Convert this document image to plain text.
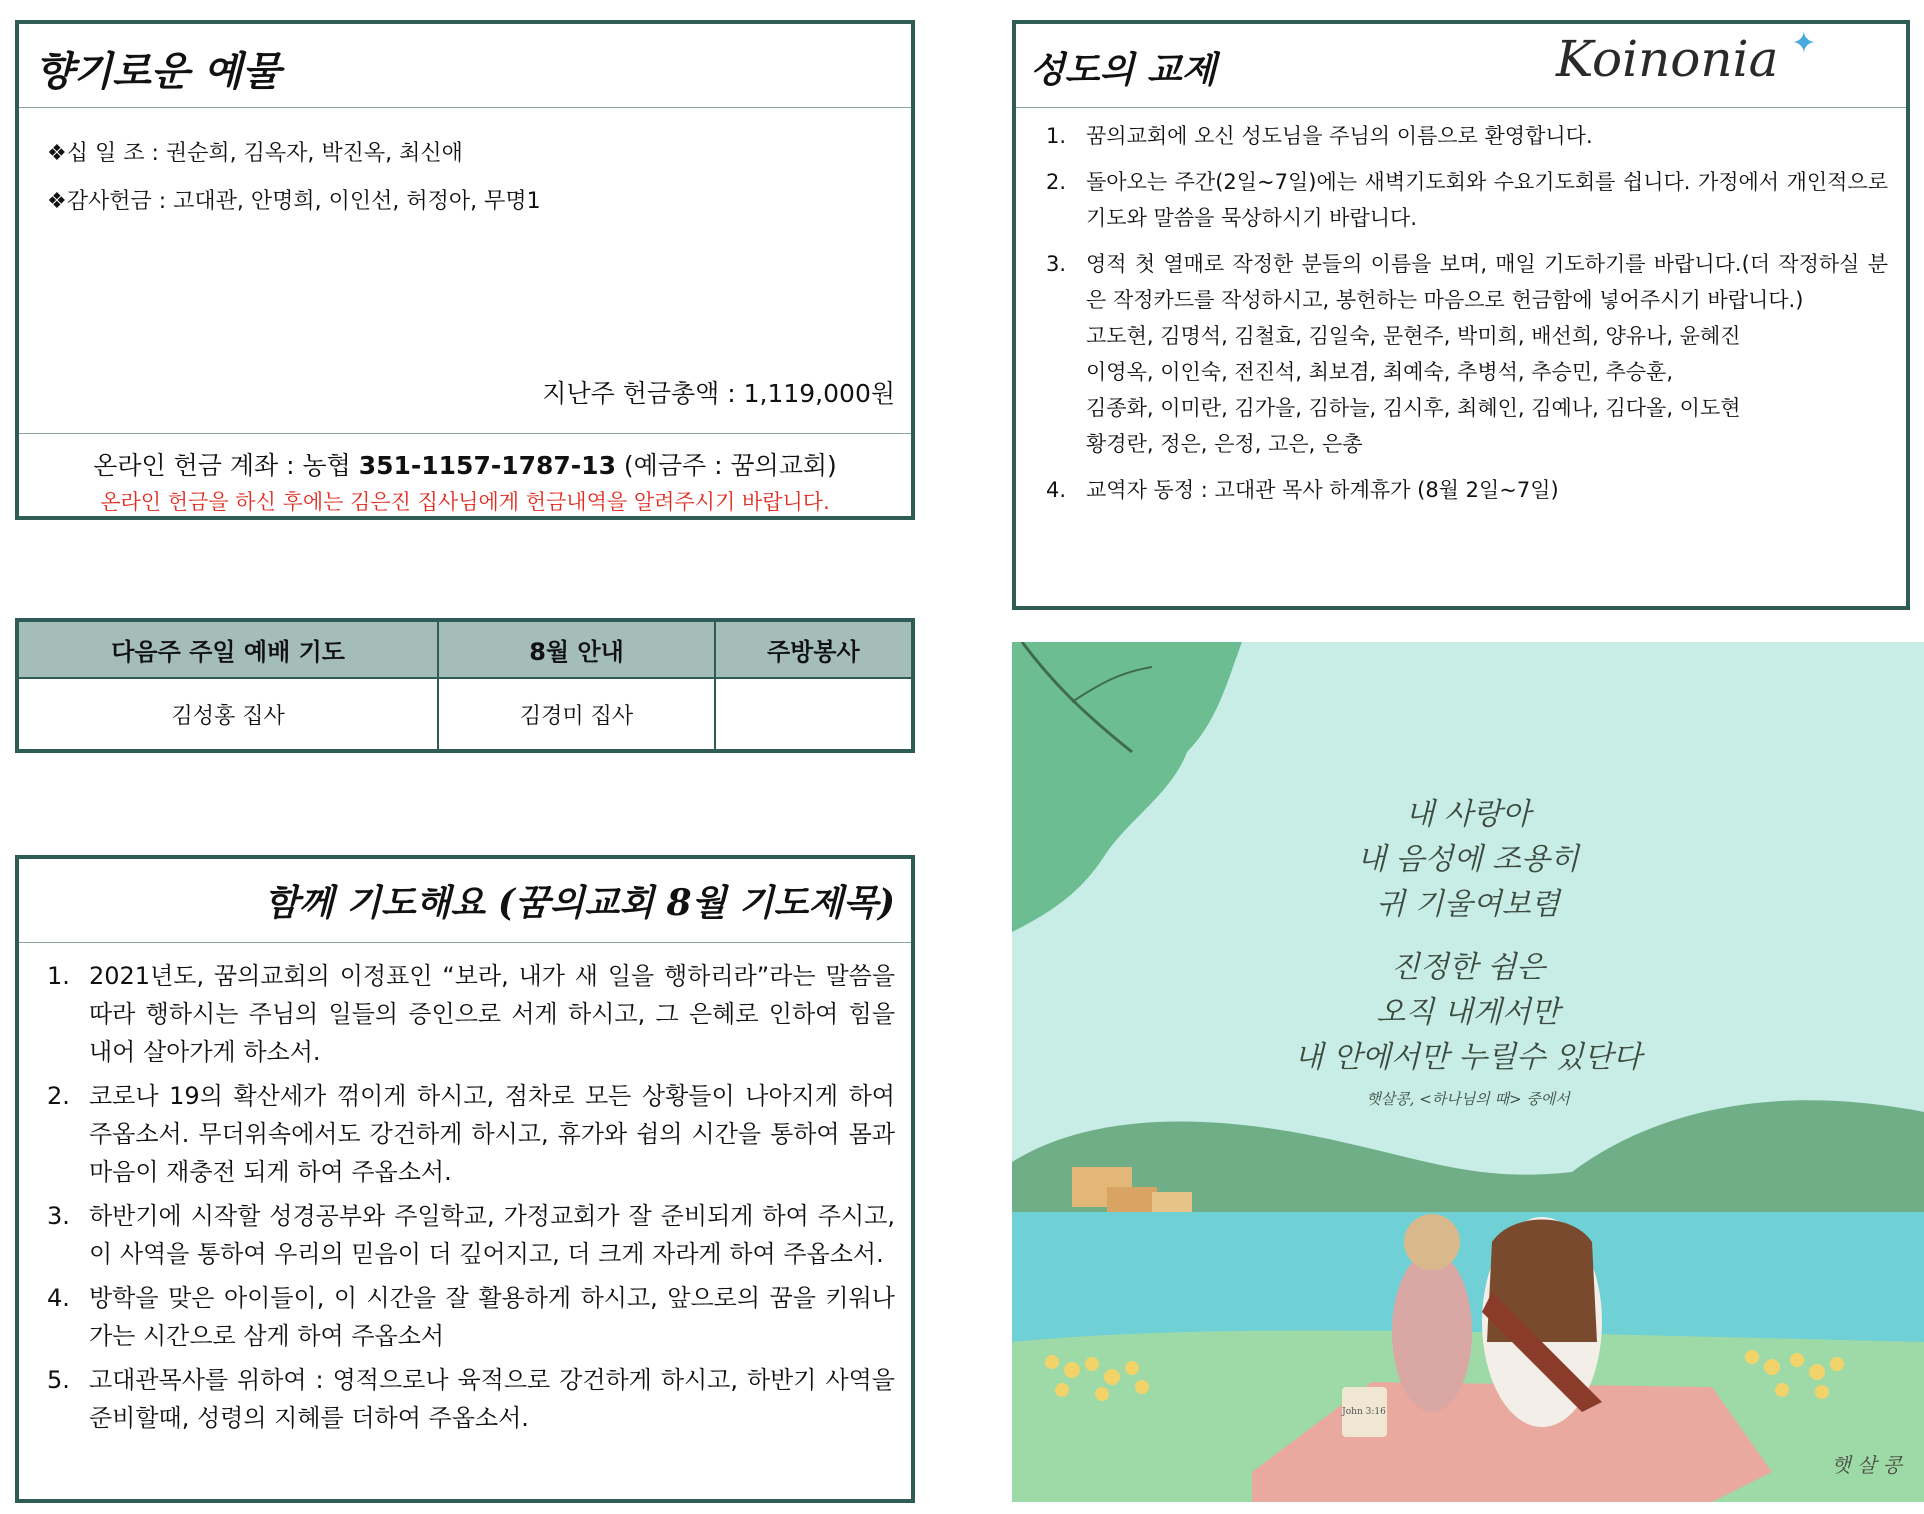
향기로운 예물
❖십 일 조 : 권순희, 김옥자, 박진옥, 최신애
❖감사헌금 : 고대관, 안명희, 이인선, 허정아, 무명1
지난주 헌금총액 : 1,119,000원
온라인 헌금 계좌 : 농협 351-1157-1787-13 (예금주 : 꿈의교회)
온라인 헌금을 하신 후에는 김은진 집사님에게 헌금내역을 알려주시기 바랍니다.
다음주 주일 예배 기도	8월 안내	주방봉사
김성홍 집사	김경미 집사	
함께 기도해요 (꿈의교회 8월 기도제목)
1. 2021년도, 꿈의교회의 이정표인 “보라, 내가 새 일을 행하리라”라는 말씀을 따라 행하시는 주님의 일들의 증인으로 서게 하시고, 그 은혜로 인하여 힘을 내어 살아가게 하소서.
2. 코로나 19의 확산세가 꺾이게 하시고, 점차로 모든 상황들이 나아지게 하여 주옵소서. 무더위속에서도 강건하게 하시고, 휴가와 쉼의 시간을 통하여 몸과 마음이 재충전 되게 하여 주옵소서.
3. 하반기에 시작할 성경공부와 주일학교, 가정교회가 잘 준비되게 하여 주시고, 이 사역을 통하여 우리의 믿음이 더 깊어지고, 더 크게 자라게 하여 주옵소서.
4. 방학을 맞은 아이들이, 이 시간을 잘 활용하게 하시고, 앞으로의 꿈을 키워나가는 시간으로 삼게 하여 주옵소서
5. 고대관목사를 위하여 : 영적으로나 육적으로 강건하게 하시고, 하반기 사역을 준비할때, 성령의 지혜를 더하여 주옵소서.
성도의 교제	Koinonia ✦
1. 꿈의교회에 오신 성도님을 주님의 이름으로 환영합니다.
2. 돌아오는 주간(2일~7일)에는 새벽기도회와 수요기도회를 쉽니다. 가정에서 개인적으로 기도와 말씀을 묵상하시기 바랍니다.
3. 영적 첫 열매로 작정한 분들의 이름을 보며, 매일 기도하기를 바랍니다.(더 작정하실 분은 작정카드를 작성하시고, 봉헌하는 마음으로 헌금함에 넣어주시기 바랍니다.)
고도현, 김명석, 김철효, 김일숙, 문현주, 박미희, 배선희, 양유나, 윤혜진
이영옥, 이인숙, 전진석, 최보겸, 최예숙, 추병석, 추승민, 추승훈,
김종화, 이미란, 김가을, 김하늘, 김시후, 최혜인, 김예나, 김다올, 이도현
황경란, 정은, 은정, 고은, 은총
4. 교역자 동정 : 고대관 목사 하계휴가 (8월 2일~7일)
John 3:16
내 사랑아
내 음성에 조용히
귀 기울여보렴
진정한 쉼은
오직 내게서만
내 안에서만 누릴수 있단다
햇살콩, <하나님의 때> 중에서
햇 살 콩
